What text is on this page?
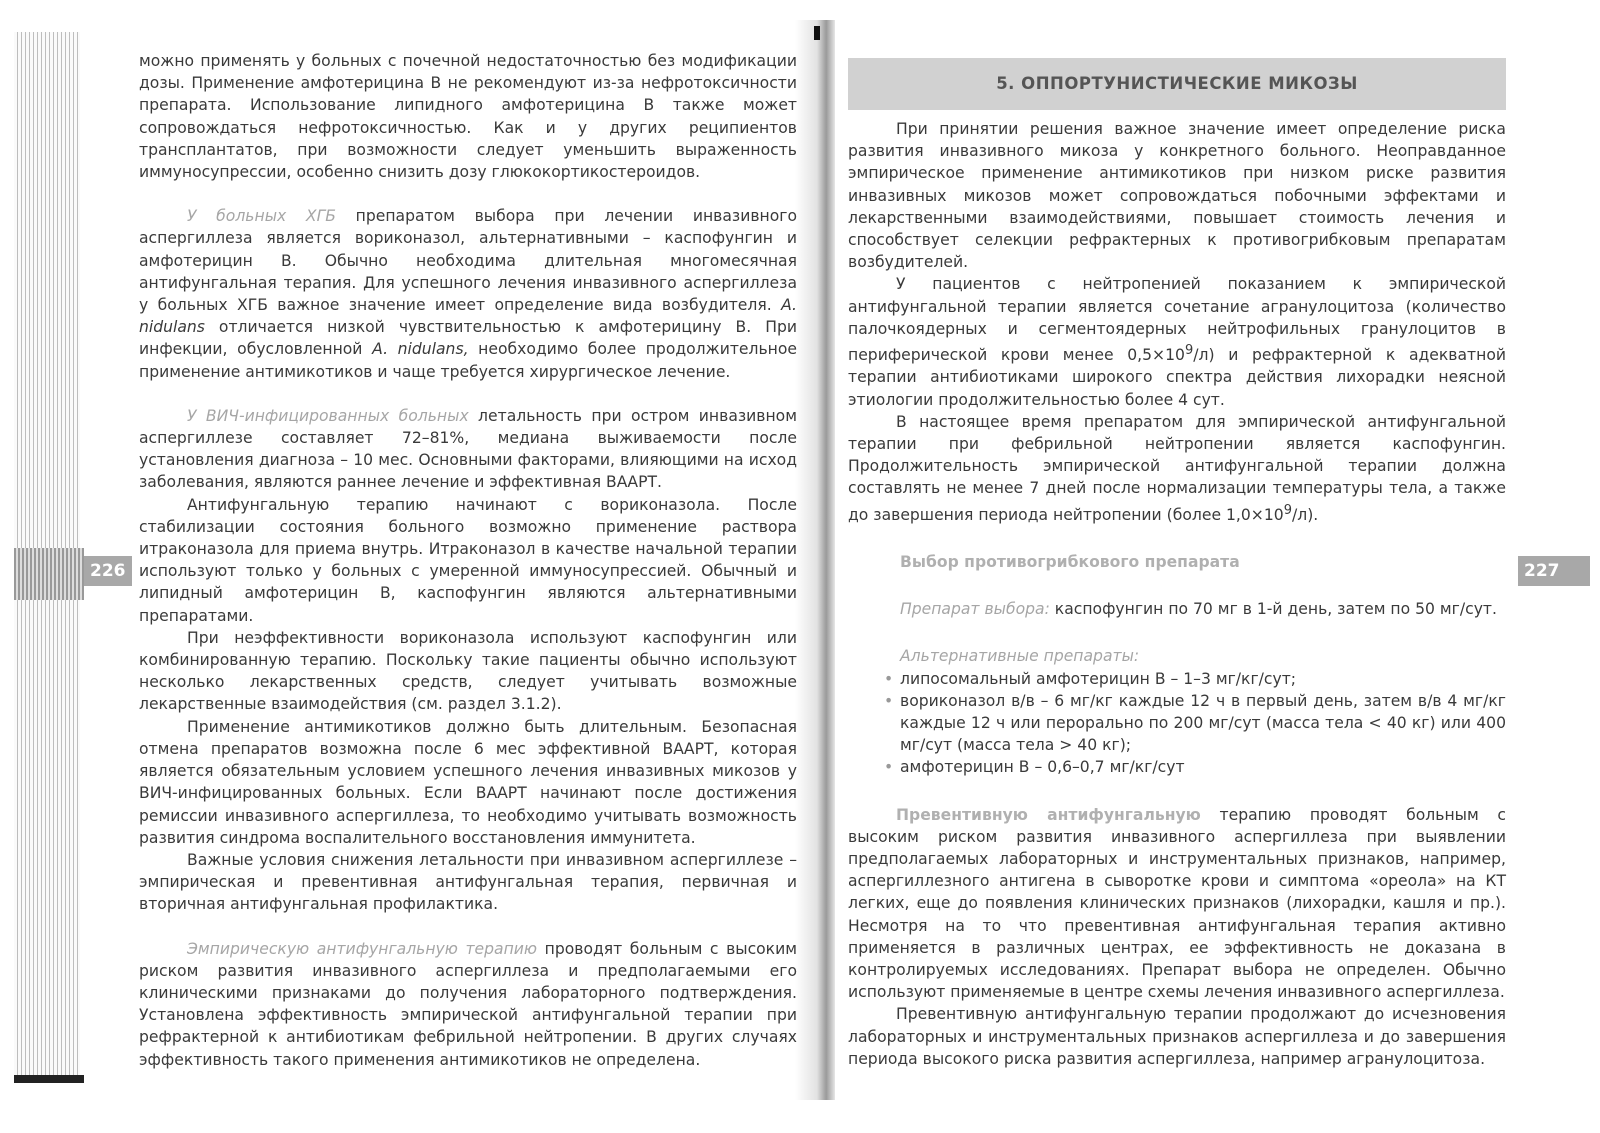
226	227

можно применять у больных с почечной недостаточностью без модификации дозы. Применение амфотерицина В не рекомендуют из-за нефротоксичности препарата. Использование липидного амфотерицина В также может сопровождаться нефротоксичностью. Как и у других реципиентов трансплантатов, при возможности следует уменьшить выраженность иммуносупрессии, особенно снизить дозу глюкокортикостероидов.

У больных ХГБ препаратом выбора при лечении инвазивного аспергиллеза является вориконазол, альтернативными – каспофунгин и амфотерицин В. Обычно необходима длительная многомесячная антифунгальная терапия. Для успешного лечения инвазивного аспергиллеза у больных ХГБ важное значение имеет определение вида возбудителя. A. nidulans отличается низкой чувствительностью к амфотерицину В. При инфекции, обусловленной A. nidulans, необходимо более продолжительное применение антимикотиков и чаще требуется хирургическое лечение.

У ВИЧ-инфицированных больных летальность при остром инвазивном аспергиллезе составляет 72–81%, медиана выживаемости после установления диагноза – 10 мес. Основными факторами, влияющими на исход заболевания, являются раннее лечение и эффективная ВААРТ.

Антифунгальную терапию начинают с вориконазола. После стабилизации состояния больного возможно применение раствора итраконазола для приема внутрь. Итраконазол в качестве начальной терапии используют только у больных с умеренной иммуносупрессией. Обычный и липидный амфотерицин В, каспофунгин являются альтернативными препаратами.

При неэффективности вориконазола используют каспофунгин или комбинированную терапию. Поскольку такие пациенты обычно используют несколько лекарственных средств, следует учитывать возможные лекарственные взаимодействия (см. раздел 3.1.2).

Применение антимикотиков должно быть длительным. Безопасная отмена препаратов возможна после 6 мес эффективной ВААРТ, которая является обязательным условием успешного лечения инвазивных микозов у ВИЧ-инфицированных больных. Если ВААРТ начинают после достижения ремиссии инвазивного аспергиллеза, то необходимо учитывать возможность развития синдрома воспалительного восстановления иммунитета.

Важные условия снижения летальности при инвазивном аспергиллезе – эмпирическая и превентивная антифунгальная терапия, первичная и вторичная антифунгальная профилактика.

Эмпирическую антифунгальную терапию проводят больным с высоким риском развития инвазивного аспергиллеза и предполагаемыми его клиническими признаками до получения лабораторного подтверждения. Установлена эффективность эмпирической антифунгальной терапии при рефрактерной к антибиотикам фебрильной нейтропении. В других случаях эффективность такого применения антимикотиков не определена.

5. ОППОРТУНИСТИЧЕСКИЕ МИКОЗЫ

При принятии решения важное значение имеет определение риска развития инвазивного микоза у конкретного больного. Неоправданное эмпирическое применение антимикотиков при низком риске развития инвазивных микозов может сопровождаться побочными эффектами и лекарственными взаимодействиями, повышает стоимость лечения и способствует селекции рефрактерных к противогрибковым препаратам возбудителей.

У пациентов с нейтропенией показанием к эмпирической антифунгальной терапии является сочетание агранулоцитоза (количество палочкоядерных и сегментоядерных нейтрофильных гранулоцитов в периферической крови менее $0,5\times 10^9/л$) и рефрактерной к адекватной терапии антибиотиками широкого спектра действия лихорадки неясной этиологии продолжительностью более 4 сут.

В настоящее время препаратом для эмпирической антифунгальной терапии при фебрильной нейтропении является каспофунгин. Продолжительность эмпирической антифунгальной терапии должна составлять не менее 7 дней после нормализации температуры тела, а также до завершения периода нейтропении (более $1,0\times 10^9/л$).

Выбор противогрибкового препарата

Препарат выбора: каспофунгин по 70 мг в 1-й день, затем по 50 мг/сут.

Альтернативные препараты:

• липосомальный амфотерицин В – 1–3 мг/кг/сут;
• вориконазол в/в – 6 мг/кг каждые 12 ч в первый день, затем в/в 4 мг/кг каждые 12 ч или перорально по 200 мг/сут (масса тела < 40 кг) или 400 мг/сут (масса тела > 40 кг);
• амфотерицин В – 0,6–0,7 мг/кг/сут

Превентивную антифунгальную терапию проводят больным с высоким риском развития инвазивного аспергиллеза при выявлении предполагаемых лабораторных и инструментальных признаков, например, аспергиллезного антигена в сыворотке крови и симптома «ореола» на КТ легких, еще до появления клинических признаков (лихорадки, кашля и пр.). Несмотря на то что превентивная антифунгальная терапия активно применяется в различных центрах, ее эффективность не доказана в контролируемых исследованиях. Препарат выбора не определен. Обычно используют применяемые в центре схемы лечения инвазивного аспергиллеза.

Превентивную антифунгальную терапии продолжают до исчезновения лабораторных и инструментальных признаков аспергиллеза и до завершения периода высокого риска развития аспергиллеза, например агранулоцитоза.
